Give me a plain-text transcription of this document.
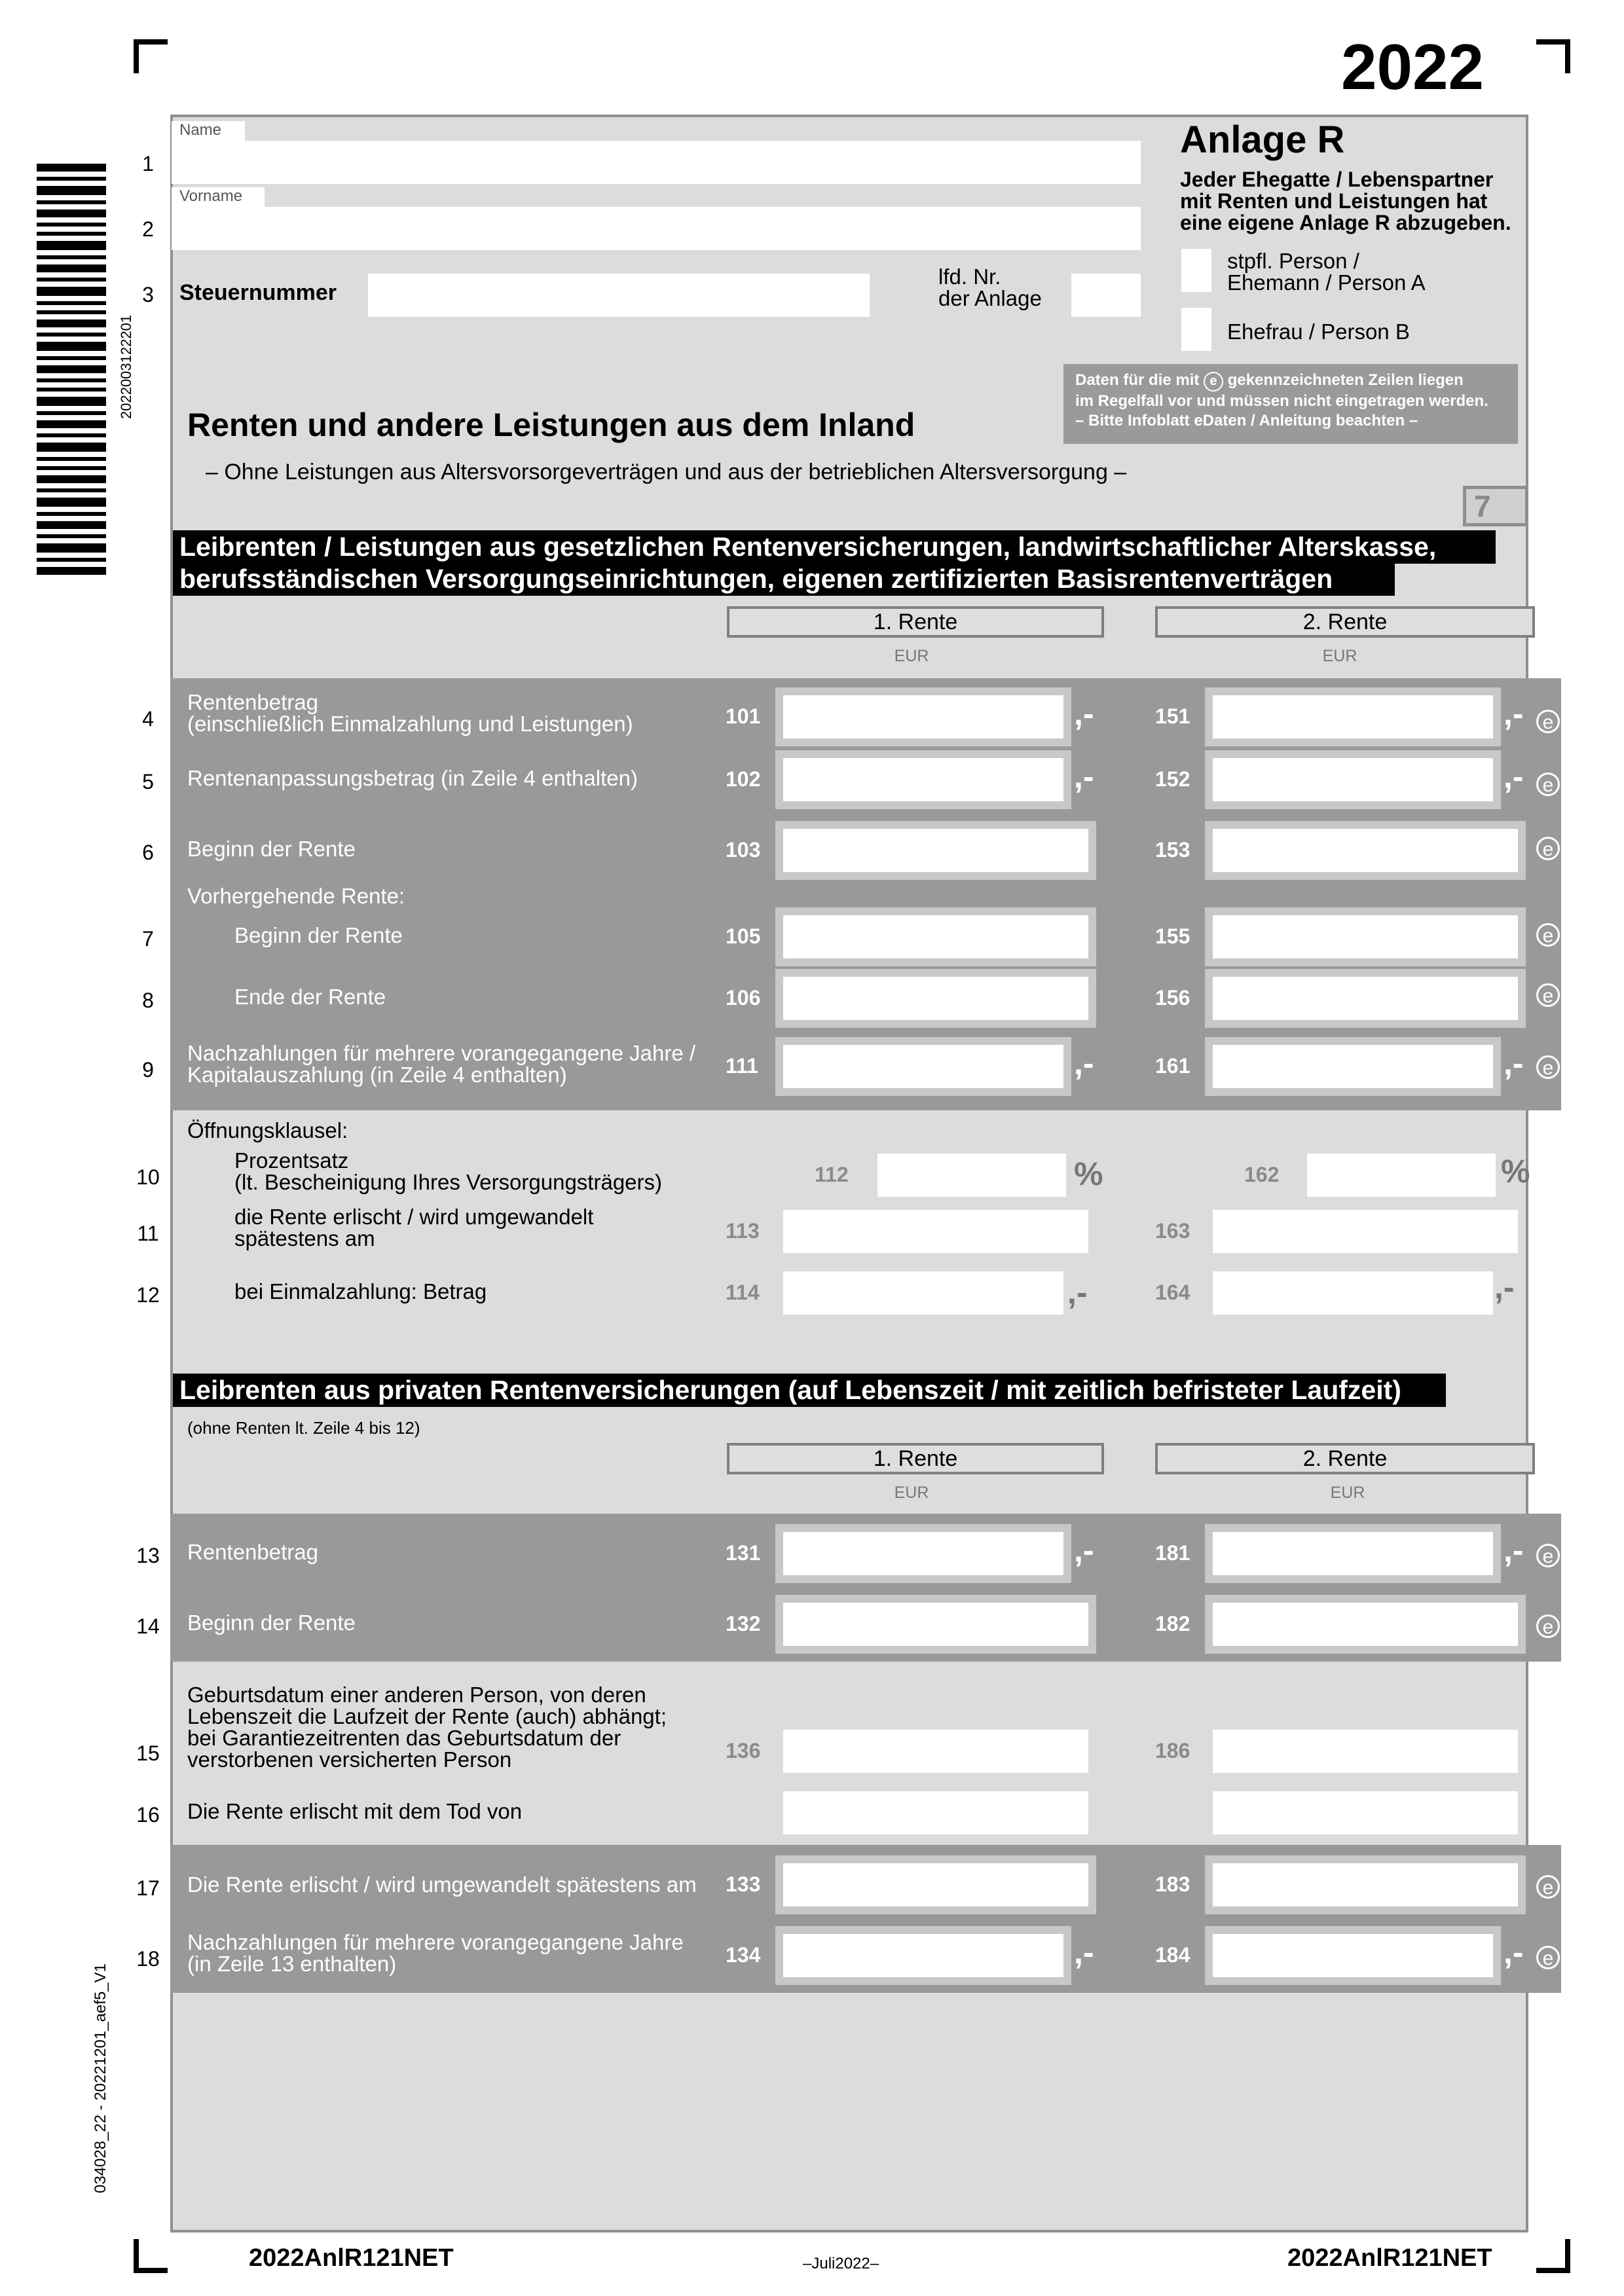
2022
2022003122201
034028_22 - 20221201_aef5_V1
Name
Vorname
1
2
3	Steuernummer
lfd. Nr.
der Anlage
Anlage R
Jeder Ehegatte / Lebenspartner
mit Renten und Leistungen hat
eine eigene Anlage R abzugeben.
stpfl. Person /
Ehemann / Person A
Ehefrau / Person B
Daten für die mit e gekennzeichneten Zeilen liegen
im Regelfall vor und müssen nicht eingetragen werden.
– Bitte Infoblatt eDaten / Anleitung beachten –
Renten und andere Leistungen aus dem Inland
– Ohne Leistungen aus Altersvorsorgeverträgen und aus der betrieblichen Altersversorgung –
7
Leibrenten / Leistungen aus gesetzlichen Rentenversicherungen, landwirtschaftlicher Alterskasse,
berufsständischen Versorgungseinrichtungen, eigenen zertifizierten Basisrentenverträgen
1. Rente	2. Rente
EUR	EUR
4
Rentenbetrag
(einschließlich Einmalzahlung und Leistungen)	101	,-	151	,- e
5	Rentenanpassungsbetrag (in Zeile 4 enthalten)	102	,-	152	,- e
6	Beginn der Rente	103	153	e
Vorhergehende Rente:
7	Beginn der Rente	105	155	e
8	Ende der Rente	106	156	e
9
Nachzahlungen für mehrere vorangegangene Jahre /
Kapitalauszahlung (in Zeile 4 enthalten)	111	,-	161	,- e
Öffnungsklausel:
10
Prozentsatz
(lt. Bescheinigung Ihres Versorgungsträgers)	112	%	162	%
11
die Rente erlischt / wird umgewandelt
spätestens am	113	163
12	bei Einmalzahlung: Betrag	114	,-	164	,-
Leibrenten aus privaten Rentenversicherungen (auf Lebenszeit / mit zeitlich befristeter Laufzeit)
(ohne Renten lt. Zeile 4 bis 12)
1. Rente	2. Rente
EUR	EUR
13	Rentenbetrag	131	,-	181	,- e
14	Beginn der Rente	132	182	e
15
Geburtsdatum einer anderen Person, von deren
Lebenszeit die Laufzeit der Rente (auch) abhängt;
bei Garantiezeitrenten das Geburtsdatum der
verstorbenen versicherten Person	136	186
16	Die Rente erlischt mit dem Tod von
17	Die Rente erlischt / wird umgewandelt spätestens am 133	183	e
18
Nachzahlungen für mehrere vorangegangene Jahre
(in Zeile 13 enthalten)	134	,-	184	,- e
2022AnlR121NET	–Juli2022–	2022AnlR121NET
